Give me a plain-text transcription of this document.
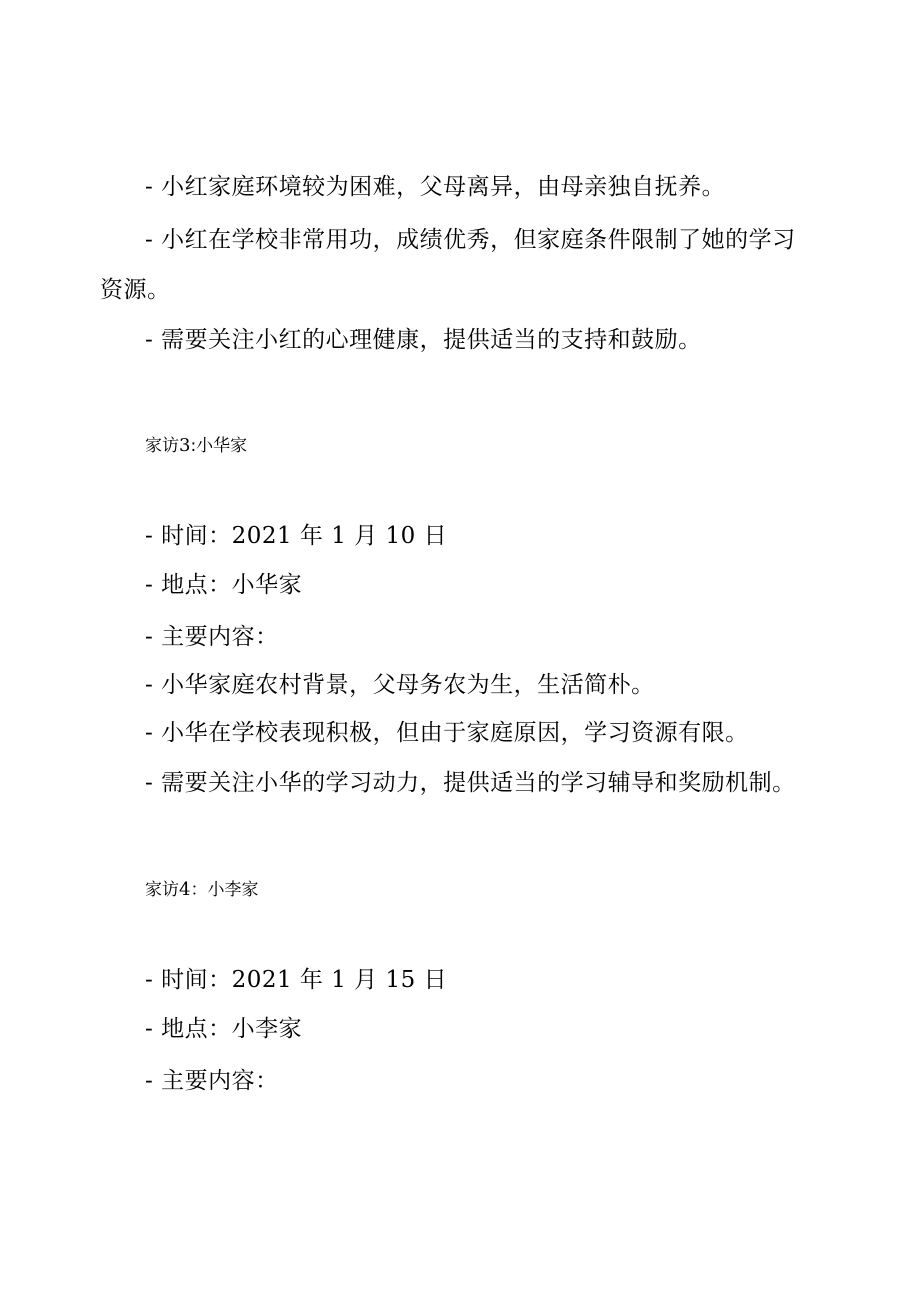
- 小红家庭环境较为困难，父母离异，由母亲独自抚养。
- 小红在学校非常用功，成绩优秀，但家庭条件限制了她的学习
资源。
- 需要关注小红的心理健康，提供适当的支持和鼓励。
家访3:小华家
- 时间：2021 年 1 月 10 日
- 地点：小华家
- 主要内容：
- 小华家庭农村背景，父母务农为生，生活简朴。
- 小华在学校表现积极，但由于家庭原因，学习资源有限。
- 需要关注小华的学习动力，提供适当的学习辅导和奖励机制。
家访4：小李家
- 时间：2021 年 1 月 15 日
- 地点：小李家
- 主要内容：
